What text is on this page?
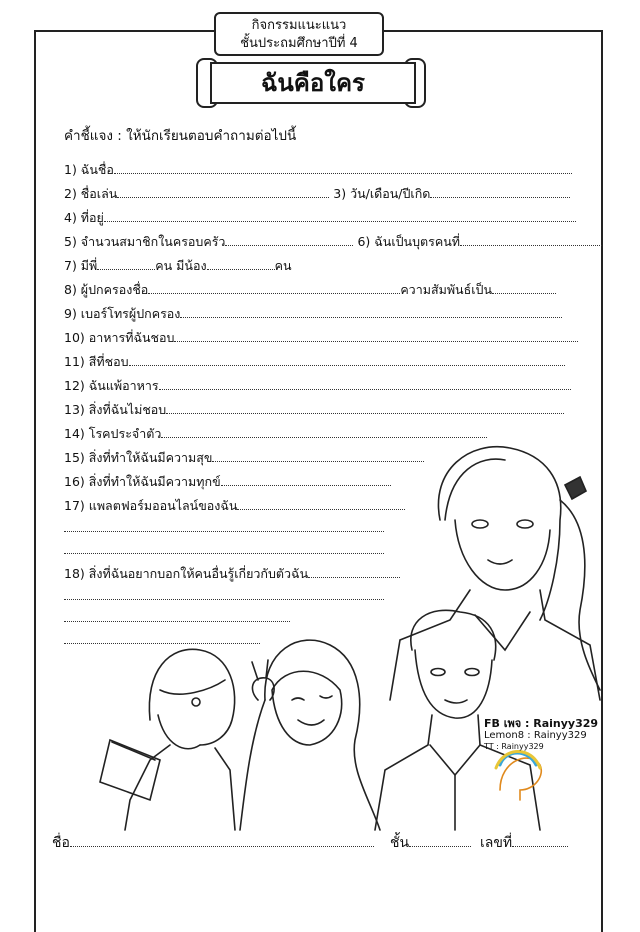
กิจกรรมแนะแนว
ชั้นประถมศึกษาปีที่ 4
ฉันคือใคร
คำชี้แจง : ให้นักเรียนตอบคำถามต่อไปนี้
1) ฉันชื่อ
2) ชื่อเล่น	3) วัน/เดือน/ปีเกิด
4) ที่อยู่
5) จำนวนสมาชิกในครอบครัว	6) ฉันเป็นบุตรคนที่
7) มีพี่	คน มีน้อง	คน
8) ผู้ปกครองชื่อ	ความสัมพันธ์เป็น
9) เบอร์โทรผู้ปกครอง
10) อาหารที่ฉันชอบ
11) สีที่ชอบ
12) ฉันแพ้อาหาร
13) สิ่งที่ฉันไม่ชอบ
14) โรคประจำตัว
15) สิ่งที่ทำให้ฉันมีความสุข
16) สิ่งที่ทำให้ฉันมีความทุกข์
17) แพลตฟอร์มออนไลน์ของฉัน
18) สิ่งที่ฉันอยากบอกให้คนอื่นรู้เกี่ยวกับตัวฉัน
FB เพจ : Rainyy329
Lemon8 : Rainyy329
TT : Rainyy329
ชื่อ	ชั้น	เลขที่
